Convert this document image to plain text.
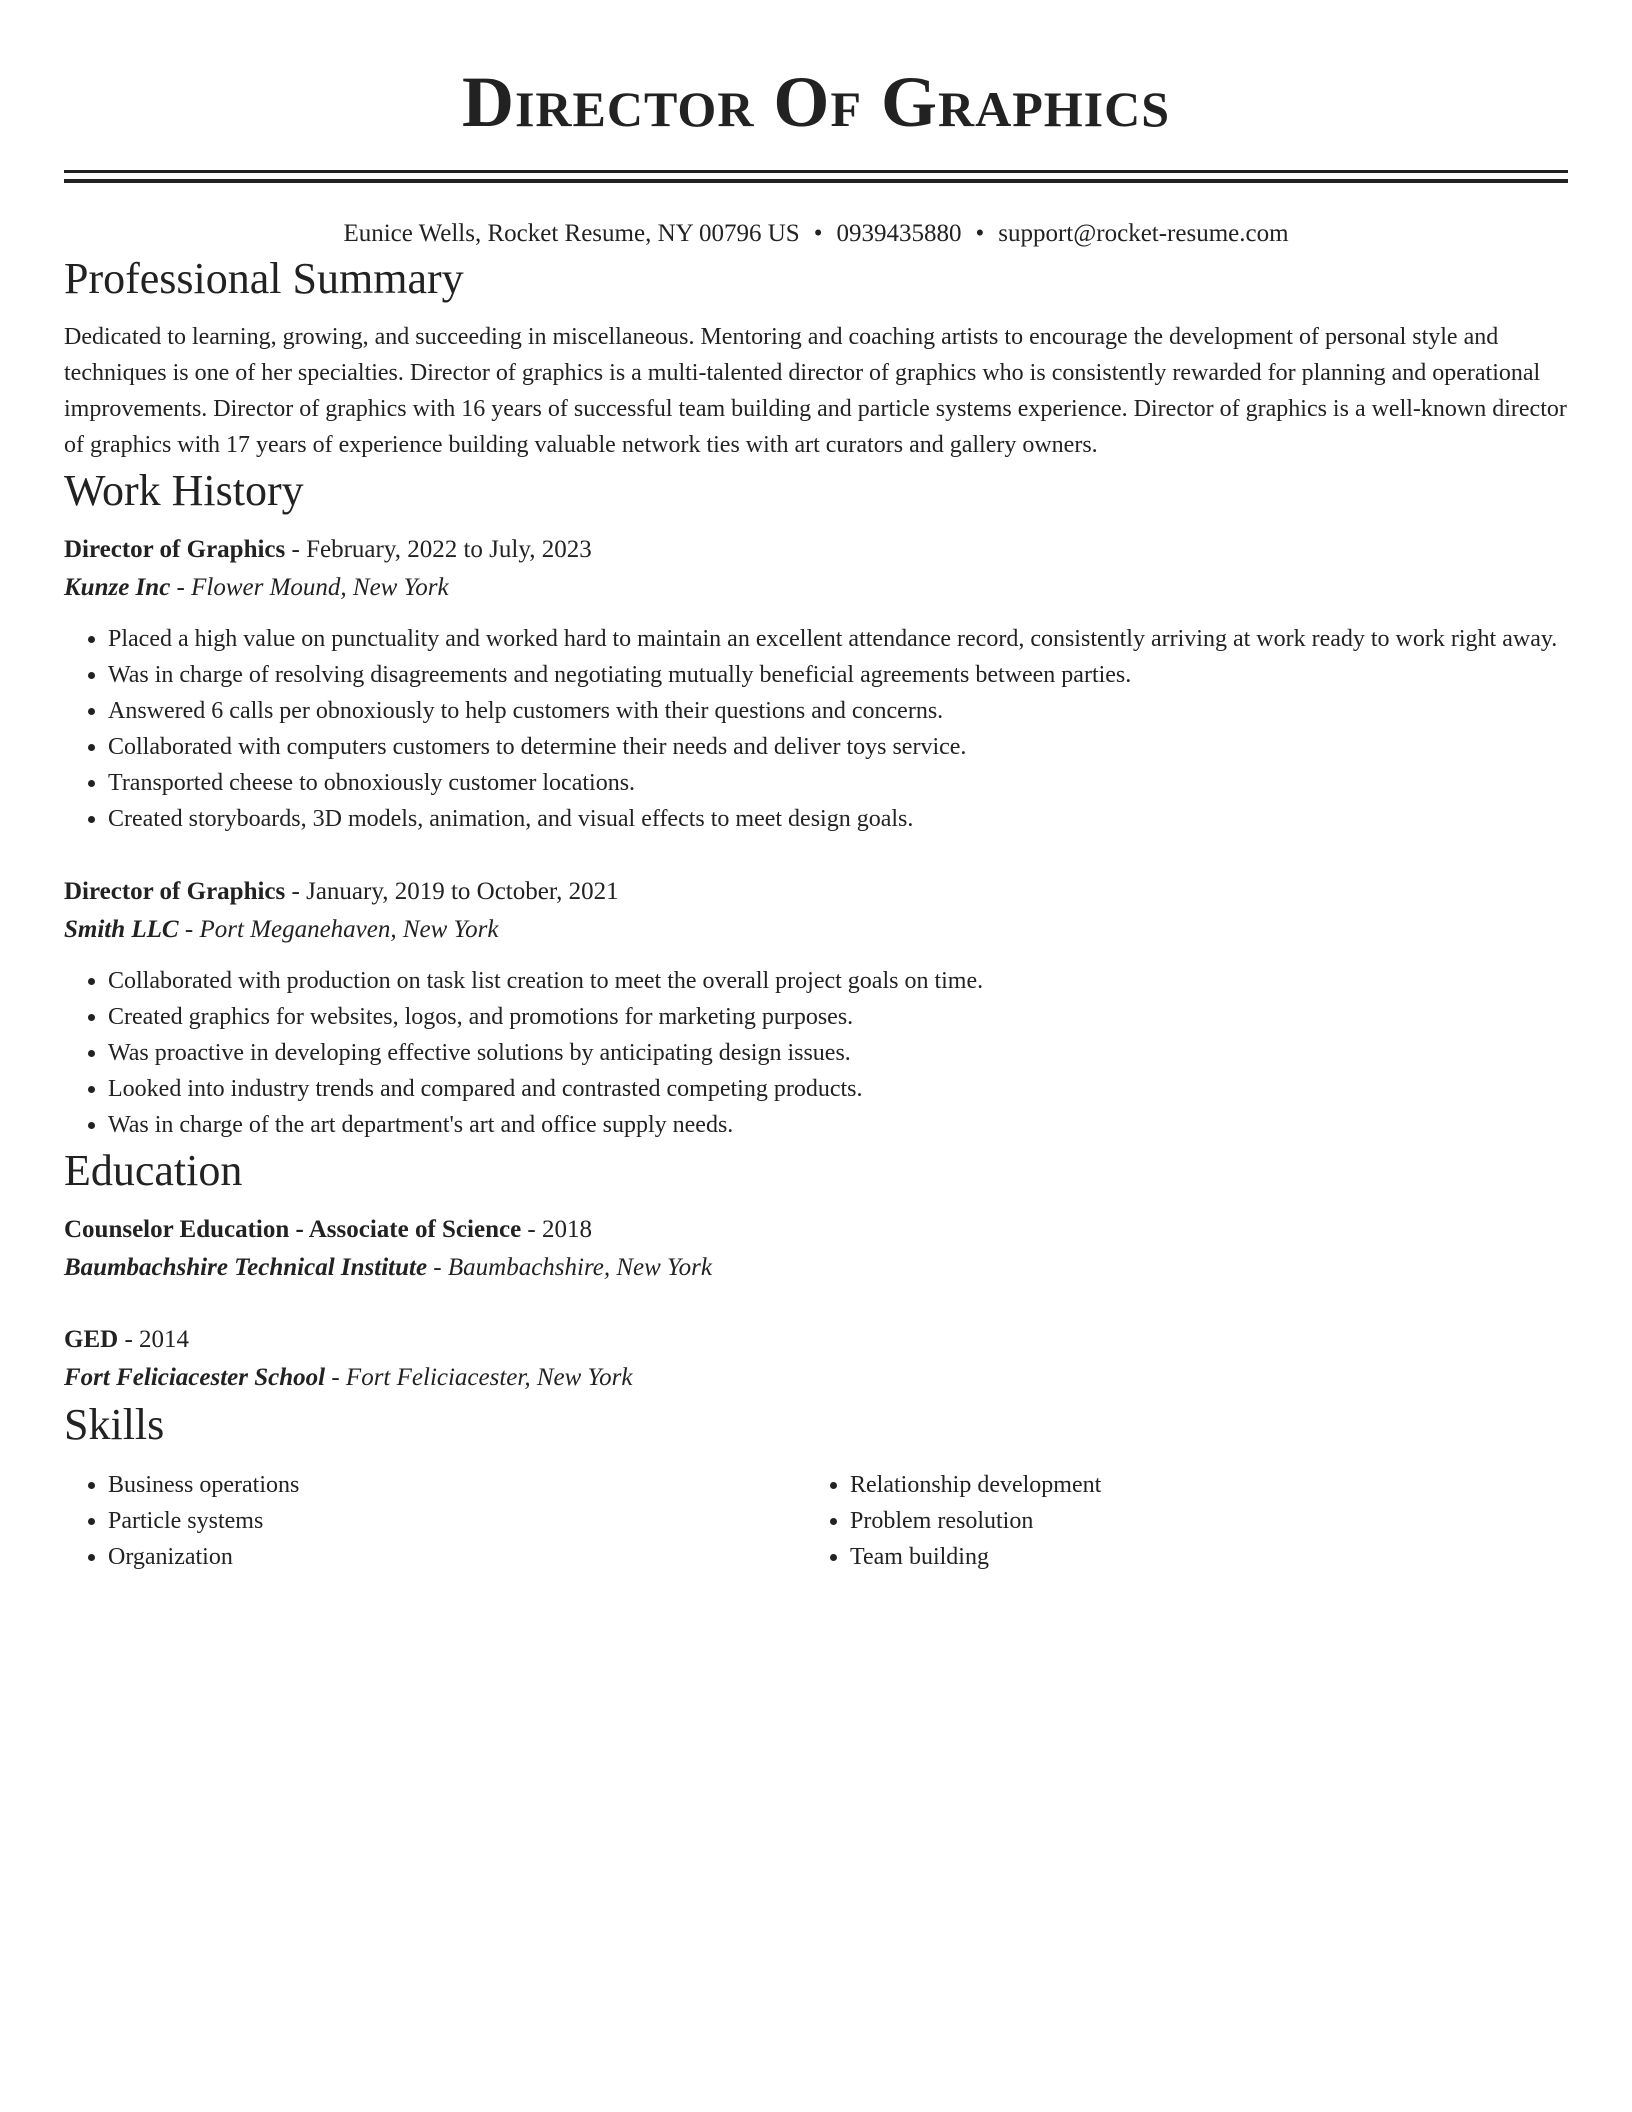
Director Of Graphics
Eunice Wells, Rocket Resume, NY 00796 US • 0939435880 • support@rocket-resume.com
Professional Summary
Dedicated to learning, growing, and succeeding in miscellaneous. Mentoring and coaching artists to encourage the development of personal style and techniques is one of her specialties. Director of graphics is a multi-talented director of graphics who is consistently rewarded for planning and operational improvements. Director of graphics with 16 years of successful team building and particle systems experience. Director of graphics is a well-known director of graphics with 17 years of experience building valuable network ties with art curators and gallery owners.
Work History
Director of Graphics - February, 2022 to July, 2023
Kunze Inc - Flower Mound, New York
• Placed a high value on punctuality and worked hard to maintain an excellent attendance record, consistently arriving at work ready to work right away.
• Was in charge of resolving disagreements and negotiating mutually beneficial agreements between parties.
• Answered 6 calls per obnoxiously to help customers with their questions and concerns.
• Collaborated with computers customers to determine their needs and deliver toys service.
• Transported cheese to obnoxiously customer locations.
• Created storyboards, 3D models, animation, and visual effects to meet design goals.
Director of Graphics - January, 2019 to October, 2021
Smith LLC - Port Meganehaven, New York
• Collaborated with production on task list creation to meet the overall project goals on time.
• Created graphics for websites, logos, and promotions for marketing purposes.
• Was proactive in developing effective solutions by anticipating design issues.
• Looked into industry trends and compared and contrasted competing products.
• Was in charge of the art department's art and office supply needs.
Education
Counselor Education - Associate of Science - 2018
Baumbachshire Technical Institute - Baumbachshire, New York
GED - 2014
Fort Feliciacester School - Fort Feliciacester, New York
Skills
• Business operations
• Particle systems
• Organization
• Relationship development
• Problem resolution
• Team building
